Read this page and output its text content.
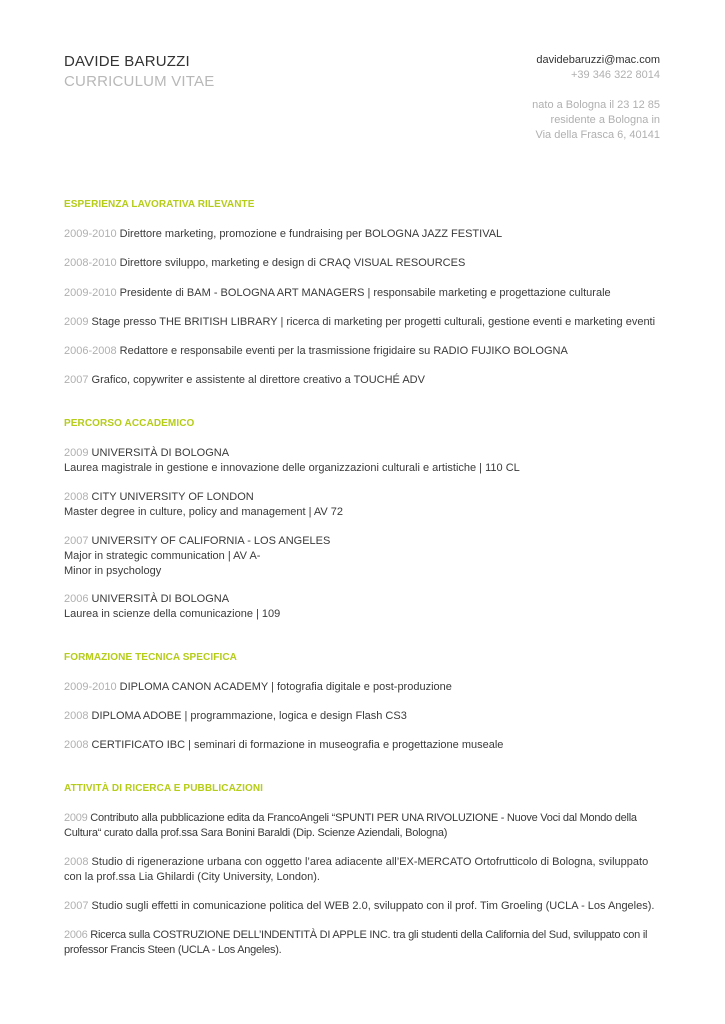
DAVIDE BARUZZI
CURRICULUM VITAE
davidebaruzzi@mac.com
+39 346 322 8014
nato a Bologna il 23 12 85
residente a Bologna in
Via della Frasca 6, 40141
ESPERIENZA LAVORATIVA RILEVANTE
2009-2010 Direttore marketing, promozione e fundraising per BOLOGNA JAZZ FESTIVAL
2008-2010 Direttore sviluppo, marketing e design di CRAQ VISUAL RESOURCES
2009-2010 Presidente di BAM - BOLOGNA ART MANAGERS | responsabile marketing e progettazione culturale
2009 Stage presso THE BRITISH LIBRARY | ricerca di marketing per progetti culturali, gestione eventi e marketing eventi
2006-2008 Redattore e responsabile eventi per la trasmissione frigidaire su RADIO FUJIKO BOLOGNA
2007 Grafico, copywriter e assistente al direttore creativo a TOUCHÉ ADV
PERCORSO ACCADEMICO
2009 UNIVERSITÀ DI BOLOGNA
Laurea magistrale in gestione e innovazione delle organizzazioni culturali e artistiche | 110 CL
2008 CITY UNIVERSITY OF LONDON
Master degree in culture, policy and management | AV 72
2007 UNIVERSITY OF CALIFORNIA - LOS ANGELES
Major in strategic communication | AV A-
Minor in psychology
2006 UNIVERSITÀ DI BOLOGNA
Laurea in scienze della comunicazione | 109
FORMAZIONE TECNICA SPECIFICA
2009-2010 DIPLOMA CANON ACADEMY | fotografia digitale e post-produzione
2008 DIPLOMA ADOBE | programmazione, logica e design Flash CS3
2008 CERTIFICATO IBC | seminari di formazione in museografia e progettazione museale
ATTIVITÀ DI RICERCA E PUBBLICAZIONI
2009 Contributo alla pubblicazione edita da FrancoAngeli “SPUNTI PER UNA RIVOLUZIONE - Nuove Voci dal Mondo della
Cultura“ curato dalla prof.ssa Sara Bonini Baraldi (Dip. Scienze Aziendali, Bologna)
2008 Studio di rigenerazione urbana con oggetto l’area adiacente all’EX-MERCATO Ortofrutticolo di Bologna, sviluppato
con la prof.ssa Lia Ghilardi (City University, London).
2007 Studio sugli effetti in comunicazione politica del WEB 2.0, sviluppato con il prof. Tim Groeling (UCLA - Los Angeles).
2006 Ricerca sulla COSTRUZIONE DELL’INDENTITÀ DI APPLE INC. tra gli studenti della California del Sud, sviluppato con il
professor Francis Steen (UCLA - Los Angeles).
